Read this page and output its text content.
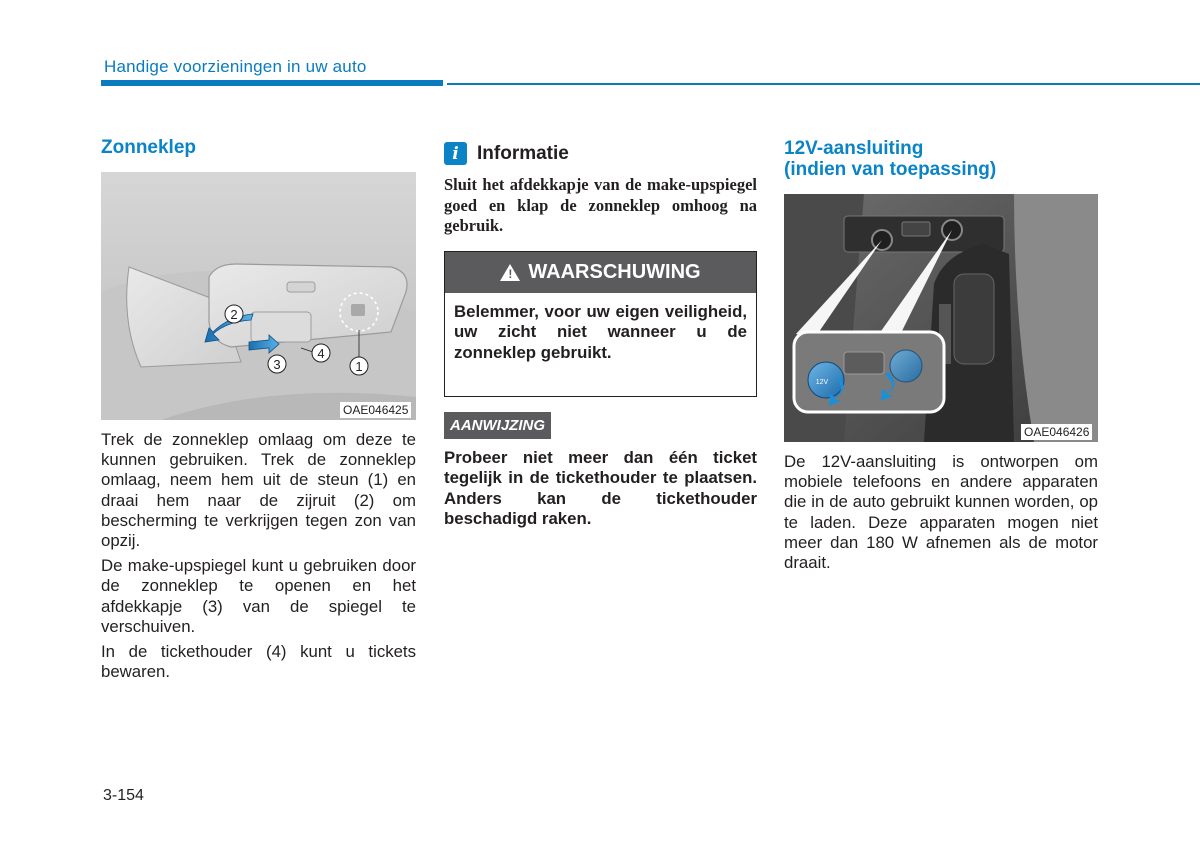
Handige voorzieningen in uw auto
Zonneklep
2
3
4
1
OAE046425

Trek de zonneklep omlaag om deze te kunnen gebruiken. Trek de zonneklep omlaag, neem hem uit de steun (1) en draai hem naar de zijruit (2) om bescherming te verkrijgen tegen zon van opzij.

De make-upspiegel kunt u gebruiken door de zonneklep te openen en het afdekkapje (3) van de spiegel te verschuiven.

In de tickethouder (4) kunt u tickets bewaren.

i Informatie
Sluit het afdekkapje van de make-upspiegel goed en klap de zonneklep omhoog na gebruik.
! WAARSCHUWING
Belemmer, voor uw eigen veiligheid, uw zicht niet wanneer u de zonneklep gebruikt.
AANWIJZING
Probeer niet meer dan één ticket tegelijk in de tickethouder te plaatsen. Anders kan de tickethouder beschadigd raken.
12V-aansluiting
(indien van toepassing)
12V
OAE046426

De 12V-aansluiting is ontworpen om mobiele telefoons en andere apparaten die in de auto gebruikt kunnen worden, op te laden. Deze apparaten mogen niet meer dan 180 W afnemen als de motor draait.

3-154
